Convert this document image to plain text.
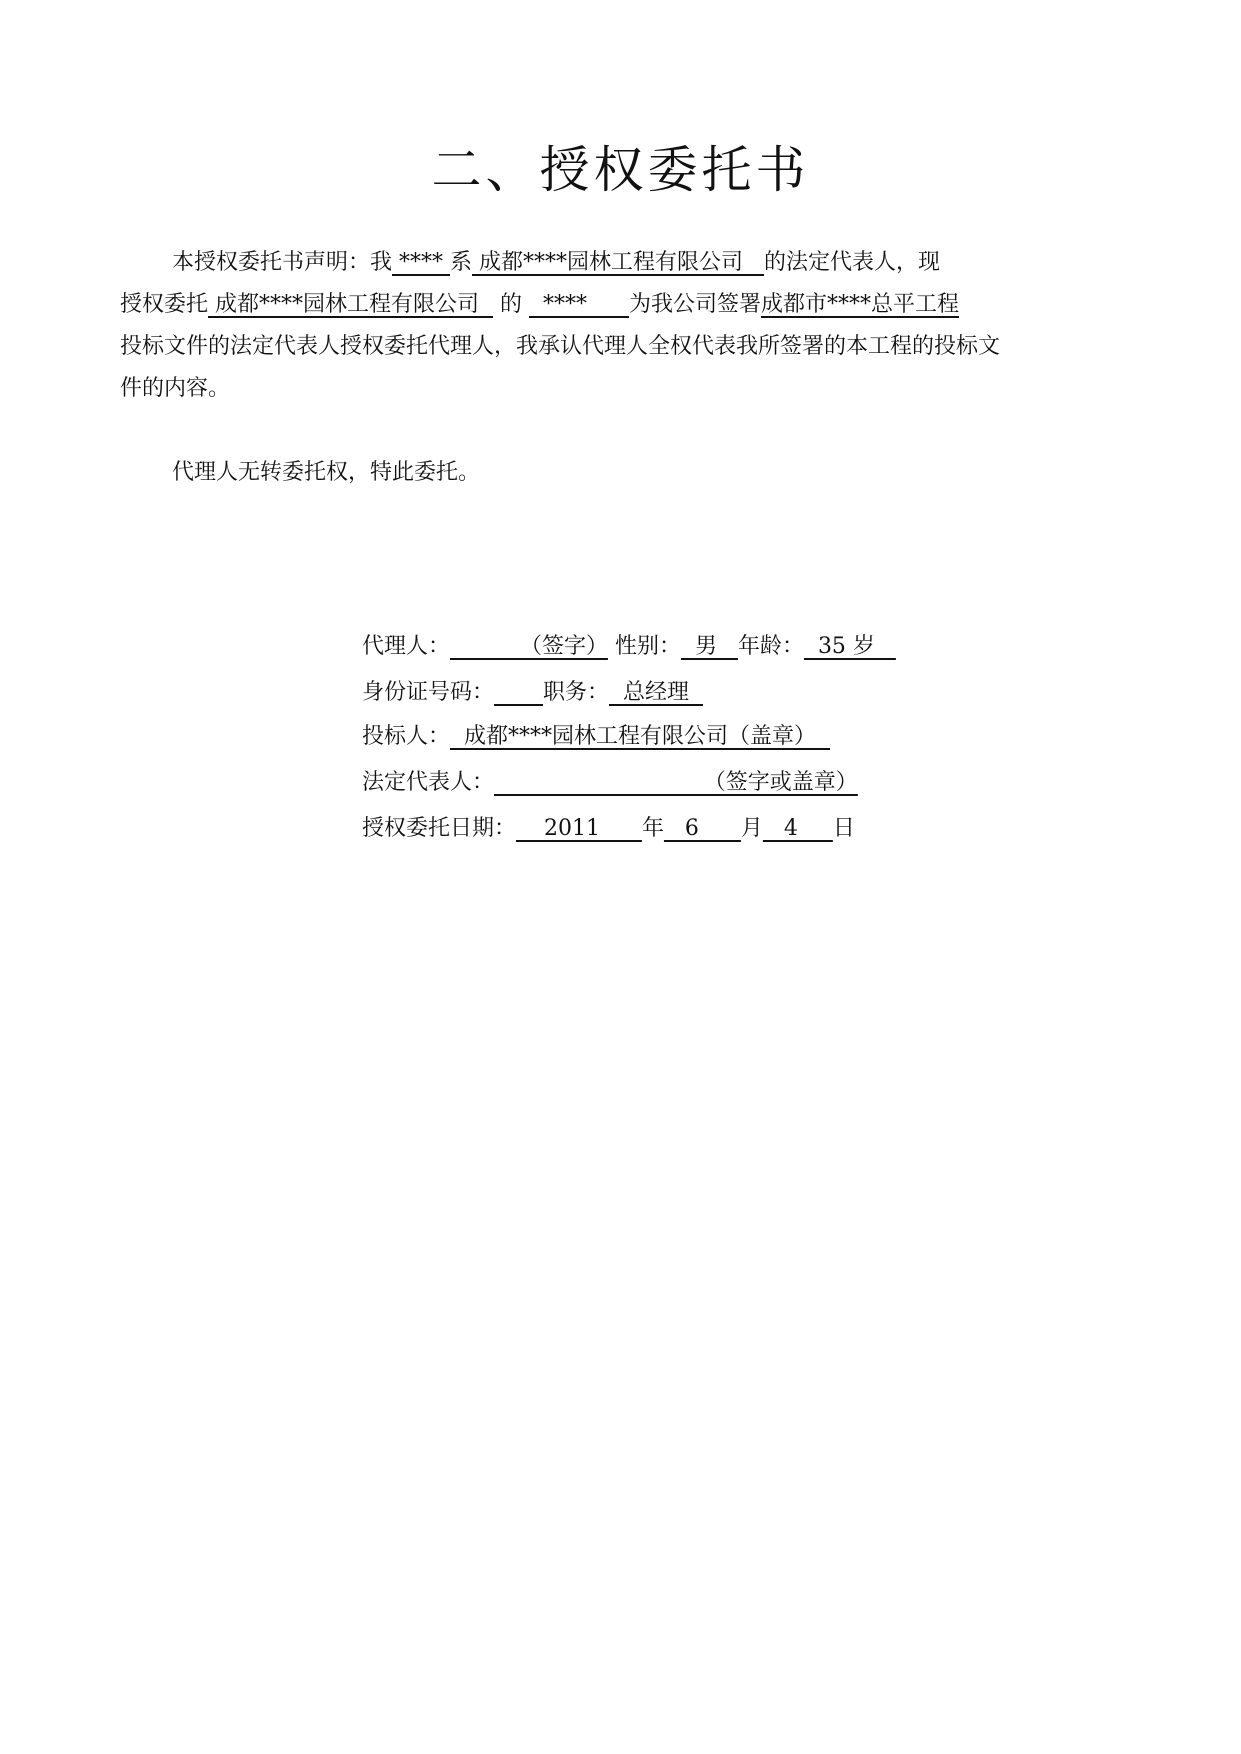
二、授权委托书
本授权委托书声明：我 **** 系 成都****园林工程有限公司   的法定代表人，现
授权委托 成都****园林工程有限公司   的   ****      为我公司签署成都市****总平工程
投标文件的法定代表人授权委托代理人，我承认代理人全权代表我所签署的本工程的投标文
件的内容。
代理人无转委托权，特此委托。
代理人：          （签字） 性别：  男   年龄：  35 岁
身份证号码： 职务：  总经理
投标人：  成都****园林工程有限公司（盖章）
法定代表人：                              （签字或盖章）
授权委托日期：    2011      年   6      月   4     日
